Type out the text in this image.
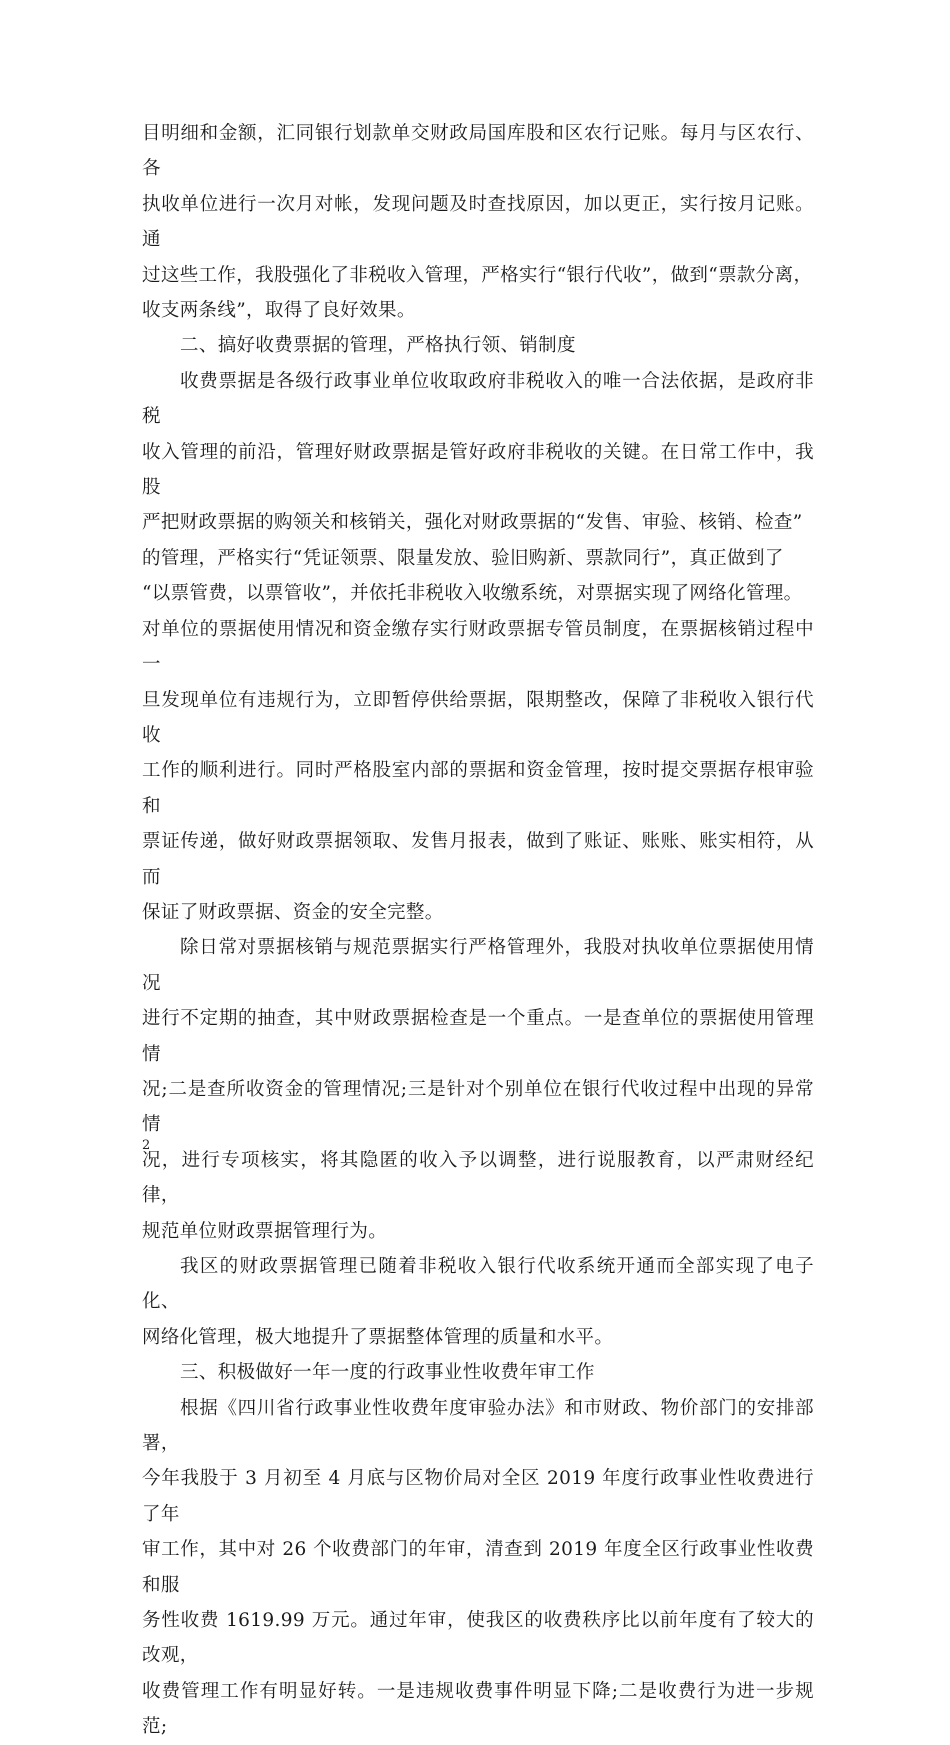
目明细和金额，汇同银行划款单交财政局国库股和区农行记账。每月与区农行、各
执收单位进行一次月对帐，发现问题及时查找原因，加以更正，实行按月记账。通
过这些工作，我股强化了非税收入管理，严格实行“银行代收”，做到“票款分离，
收支两条线”，取得了良好效果。

二、搞好收费票据的管理，严格执行领、销制度

收费票据是各级行政事业单位收取政府非税收入的唯一合法依据，是政府非税
收入管理的前沿，管理好财政票据是管好政府非税收的关键。在日常工作中，我股
严把财政票据的购领关和核销关，强化对财政票据的“发售、审验、核销、检查”
的管理，严格实行“凭证领票、限量发放、验旧购新、票款同行”，真正做到了
“以票管费，以票管收”，并依托非税收入收缴系统，对票据实现了网络化管理。
对单位的票据使用情况和资金缴存实行财政票据专管员制度，在票据核销过程中一
旦发现单位有违规行为，立即暂停供给票据，限期整改，保障了非税收入银行代收
工作的顺利进行。同时严格股室内部的票据和资金管理，按时提交票据存根审验和
票证传递，做好财政票据领取、发售月报表，做到了账证、账账、账实相符，从而
保证了财政票据、资金的安全完整。

除日常对票据核销与规范票据实行严格管理外，我股对执收单位票据使用情况
进行不定期的抽查，其中财政票据检查是一个重点。一是查单位的票据使用管理情
况;二是查所收资金的管理情况;三是针对个别单位在银行代收过程中出现的异常情
况，进行专项核实，将其隐匿的收入予以调整，进行说服教育，以严肃财经纪律，
规范单位财政票据管理行为。

我区的财政票据管理已随着非税收入银行代收系统开通而全部实现了电子化、
网络化管理，极大地提升了票据整体管理的质量和水平。

三、积极做好一年一度的行政事业性收费年审工作

根据《四川省行政事业性收费年度审验办法》和市财政、物价部门的安排部署，
今年我股于 3 月初至 4 月底与区物价局对全区 2019 年度行政事业性收费进行了年
审工作，其中对 26 个收费部门的年审，清查到 2019 年度全区行政事业性收费和服
务性收费 1619.99 万元。通过年审，使我区的收费秩序比以前年度有了较大的改观，
收费管理工作有明显好转。一是违规收费事件明显下降;二是收费行为进一步规范;

2
